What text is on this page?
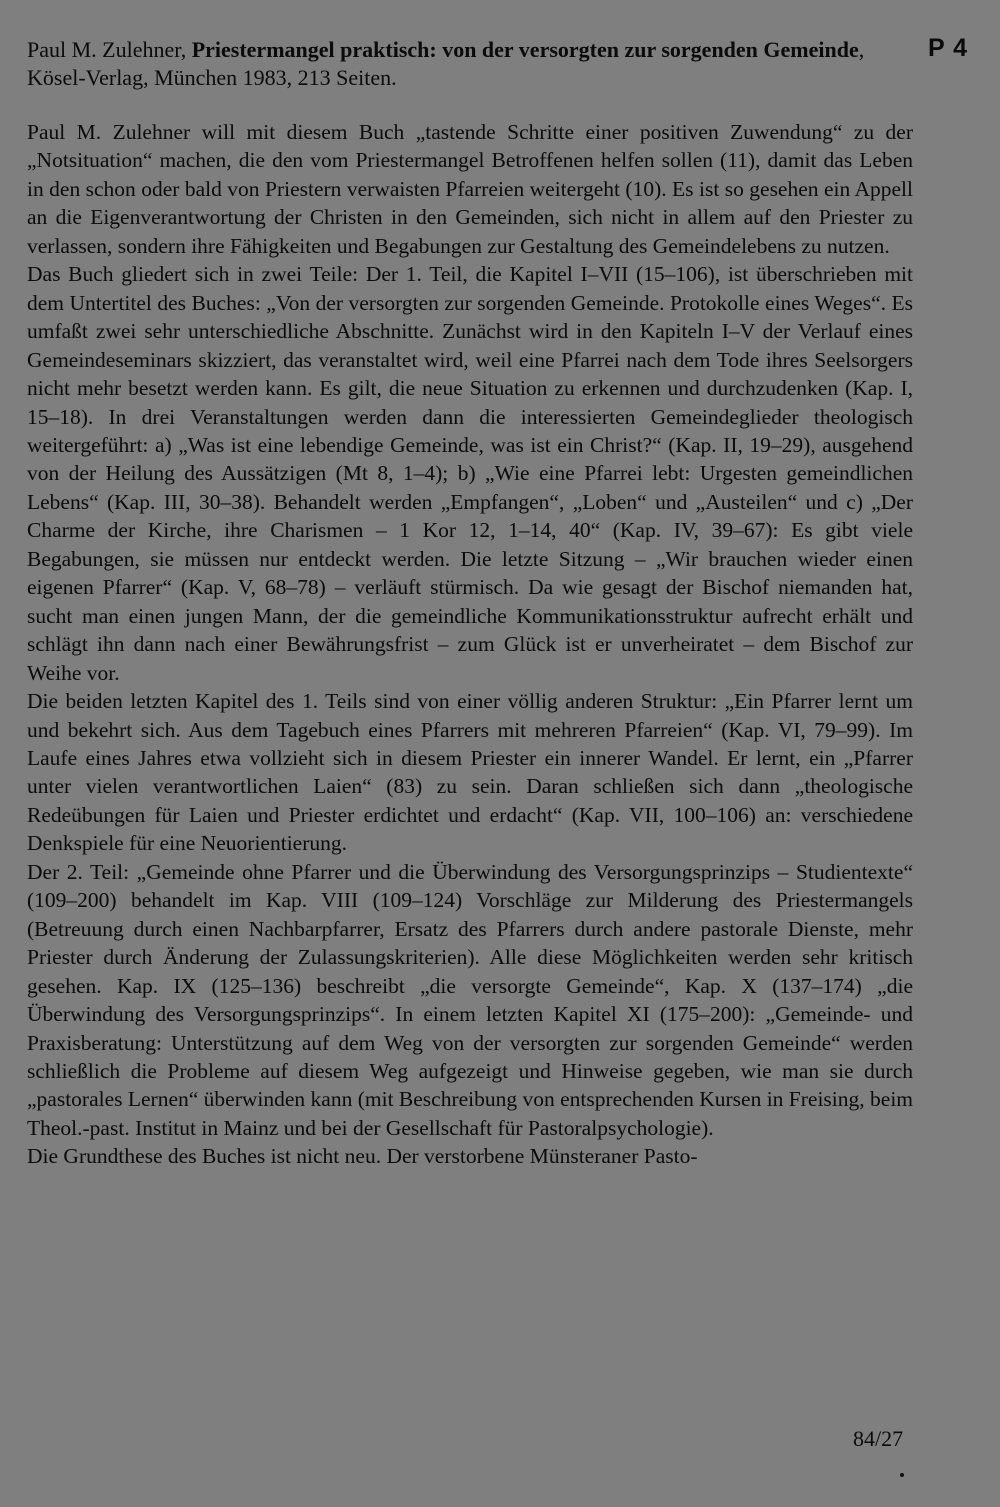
Paul M. Zulehner, Priestermangel praktisch: von der versorgten zur sorgenden Gemeinde, Kösel-Verlag, München 1983, 213 Seiten.
P 4

Paul M. Zulehner will mit diesem Buch „tastende Schritte einer positiven Zuwendung“ zu der „Notsituation“ machen, die den vom Priestermangel Betroffenen helfen sollen (11), damit das Leben in den schon oder bald von Priestern verwaisten Pfarreien weitergeht (10). Es ist so gesehen ein Appell an die Eigenverantwortung der Christen in den Gemeinden, sich nicht in allem auf den Priester zu verlassen, sondern ihre Fähigkeiten und Begabungen zur Gestaltung des Gemeindelebens zu nutzen.

Das Buch gliedert sich in zwei Teile: Der 1. Teil, die Kapitel I–VII (15–106), ist überschrieben mit dem Untertitel des Buches: „Von der versorgten zur sorgenden Gemeinde. Protokolle eines Weges“. Es umfaßt zwei sehr unterschiedliche Abschnitte. Zunächst wird in den Kapiteln I–V der Verlauf eines Gemeindeseminars skizziert, das veranstaltet wird, weil eine Pfarrei nach dem Tode ihres Seelsorgers nicht mehr besetzt werden kann. Es gilt, die neue Situation zu erkennen und durchzudenken (Kap. I, 15–18). In drei Veranstaltungen werden dann die interessierten Gemeindeglieder theologisch weitergeführt: a) „Was ist eine lebendige Gemeinde, was ist ein Christ?“ (Kap. II, 19–29), ausgehend von der Heilung des Aussätzigen (Mt 8, 1–4); b) „Wie eine Pfarrei lebt: Urgesten gemeindlichen Lebens“ (Kap. III, 30–38). Behandelt werden „Empfangen“, „Loben“ und „Austeilen“ und c) „Der Charme der Kirche, ihre Charismen – 1 Kor 12, 1–14, 40“ (Kap. IV, 39–67): Es gibt viele Begabungen, sie müssen nur entdeckt werden. Die letzte Sitzung – „Wir brauchen wieder einen eigenen Pfarrer“ (Kap. V, 68–78) – verläuft stürmisch. Da wie gesagt der Bischof niemanden hat, sucht man einen jungen Mann, der die gemeindliche Kommunikationsstruktur aufrecht erhält und schlägt ihn dann nach einer Bewährungsfrist – zum Glück ist er unverheiratet – dem Bischof zur Weihe vor.

Die beiden letzten Kapitel des 1. Teils sind von einer völlig anderen Struktur: „Ein Pfarrer lernt um und bekehrt sich. Aus dem Tagebuch eines Pfarrers mit mehreren Pfarreien“ (Kap. VI, 79–99). Im Laufe eines Jahres etwa vollzieht sich in diesem Priester ein innerer Wandel. Er lernt, ein „Pfarrer unter vielen verantwortlichen Laien“ (83) zu sein. Daran schließen sich dann „theologische Redeübungen für Laien und Priester erdichtet und erdacht“ (Kap. VII, 100–106) an: verschiedene Denkspiele für eine Neuorientierung.

Der 2. Teil: „Gemeinde ohne Pfarrer und die Überwindung des Versorgungsprinzips – Studientexte“ (109–200) behandelt im Kap. VIII (109–124) Vorschläge zur Milderung des Priestermangels (Betreuung durch einen Nachbarpfarrer, Ersatz des Pfarrers durch andere pastorale Dienste, mehr Priester durch Änderung der Zulassungskriterien). Alle diese Möglichkeiten werden sehr kritisch gesehen. Kap. IX (125–136) beschreibt „die versorgte Gemeinde“, Kap. X (137–174) „die Überwindung des Versorgungsprinzips“. In einem letzten Kapitel XI (175–200): „Gemeinde- und Praxisberatung: Unterstützung auf dem Weg von der versorgten zur sorgenden Gemeinde“ werden schließlich die Probleme auf diesem Weg aufgezeigt und Hinweise gegeben, wie man sie durch „pastorales Lernen“ überwinden kann (mit Beschreibung von entsprechenden Kursen in Freising, beim Theol.-past. Institut in Mainz und bei der Gesellschaft für Pastoralpsychologie).

Die Grundthese des Buches ist nicht neu. Der verstorbene Münsteraner Pasto-

84/27
